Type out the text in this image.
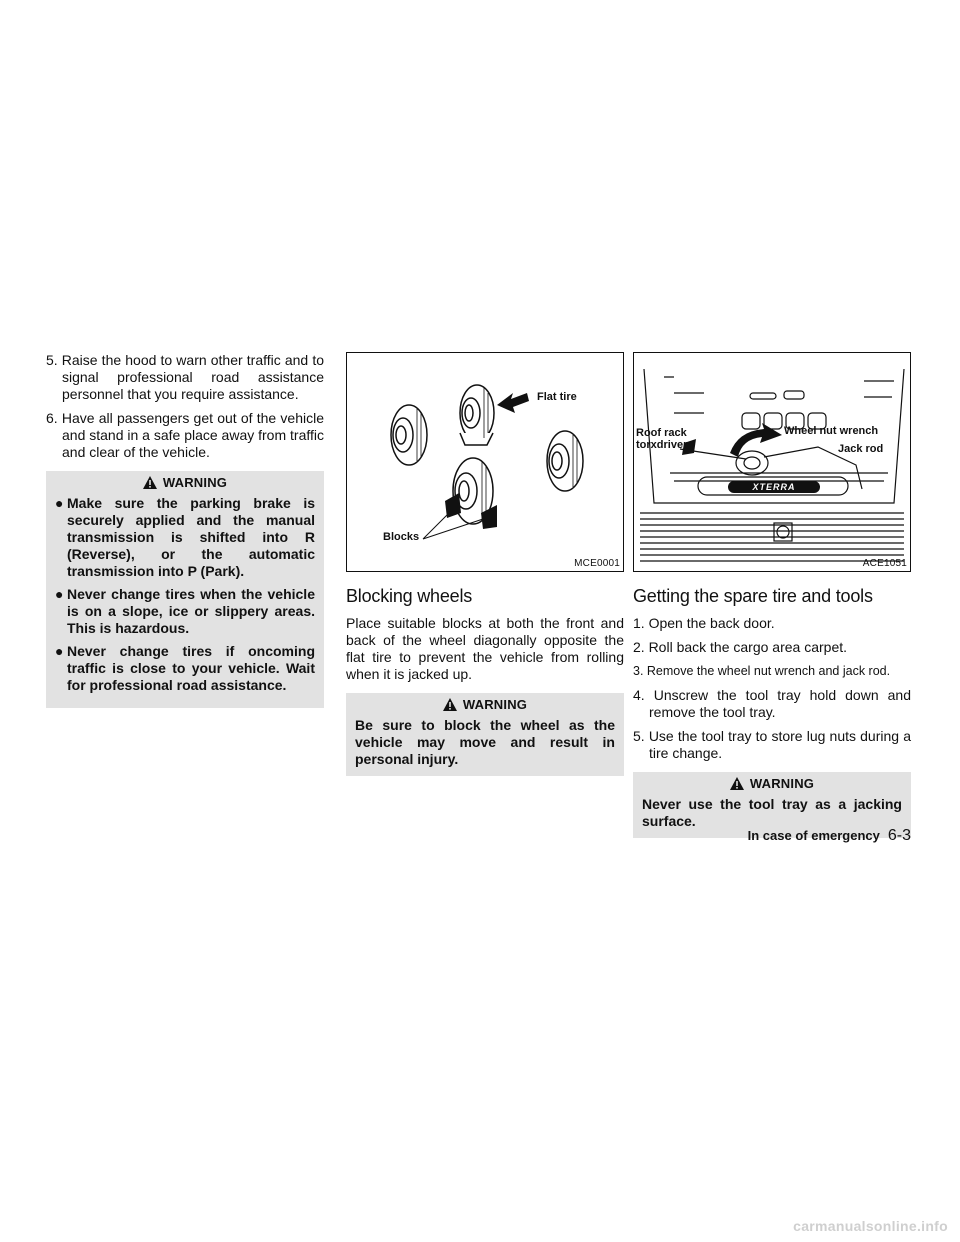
5. Raise the hood to warn other traffic and to signal professional road assistance personnel that you require assistance.
6. Have all passengers get out of the vehicle and stand in a safe place away from traffic and clear of the vehicle.
WARNING
● Make sure the parking brake is securely applied and the manual transmission is shifted into R (Reverse), or the automatic transmission into P (Park).
● Never change tires when the vehicle is on a slope, ice or slippery areas. This is hazardous.
● Never change tires if oncoming traffic is close to your vehicle. Wait for professional road assistance.
Flat tire
Blocks
MCE0001
Blocking wheels

Place suitable blocks at both the front and back of the wheel diagonally opposite the flat tire to prevent the vehicle from rolling when it is jacked up.

WARNING

Be sure to block the wheel as the vehicle may move and result in personal injury.

XTERRA
Roof rack
torxdriver
Wheel nut wrench
Jack rod
ACE1051
Getting the spare tire and tools
1. Open the back door.
2. Roll back the cargo area carpet.
3. Remove the wheel nut wrench and jack rod.
4. Unscrew the tool tray hold down and remove the tool tray.
5. Use the tool tray to store lug nuts during a tire change.
WARNING

Never use the tool tray as a jacking surface.

In case of emergency 6-3
carmanualsonline.info
